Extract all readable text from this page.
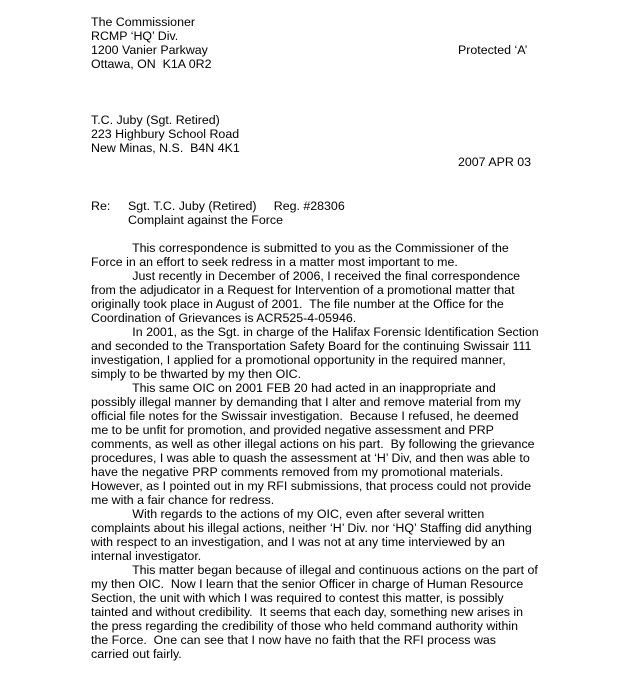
The Commissioner
RCMP ‘HQ’ Div.
1200 Vanier Parkway	Protected ‘A’
Ottawa, ON  K1A 0R2
T.C. Juby (Sgt. Retired)
223 Highbury School Road
New Minas, N.S.  B4N 4K1
2007 APR 03
Re: Sgt. T.C. Juby (Retired)     Reg. #28306
Complaint against the Force
This correspondence is submitted to you as the Commissioner of the
Force in an effort to seek redress in a matter most important to me.
Just recently in December of 2006, I received the final correspondence
from the adjudicator in a Request for Intervention of a promotional matter that
originally took place in August of 2001.  The file number at the Office for the
Coordination of Grievances is ACR525-4-05946.
In 2001, as the Sgt. in charge of the Halifax Forensic Identification Section
and seconded to the Transportation Safety Board for the continuing Swissair 111
investigation, I applied for a promotional opportunity in the required manner,
simply to be thwarted by my then OIC.
This same OIC on 2001 FEB 20 had acted in an inappropriate and
possibly illegal manner by demanding that I alter and remove material from my
official file notes for the Swissair investigation.  Because I refused, he deemed
me to be unfit for promotion, and provided negative assessment and PRP
comments, as well as other illegal actions on his part.  By following the grievance
procedures, I was able to quash the assessment at ‘H’ Div, and then was able to
have the negative PRP comments removed from my promotional materials.
However, as I pointed out in my RFI submissions, that process could not provide
me with a fair chance for redress.
With regards to the actions of my OIC, even after several written
complaints about his illegal actions, neither ‘H’ Div. nor ‘HQ’ Staffing did anything
with respect to an investigation, and I was not at any time interviewed by an
internal investigator.
This matter began because of illegal and continuous actions on the part of
my then OIC.  Now I learn that the senior Officer in charge of Human Resource
Section, the unit with which I was required to contest this matter, is possibly
tainted and without credibility.  It seems that each day, something new arises in
the press regarding the credibility of those who held command authority within
the Force.  One can see that I now have no faith that the RFI process was
carried out fairly.
